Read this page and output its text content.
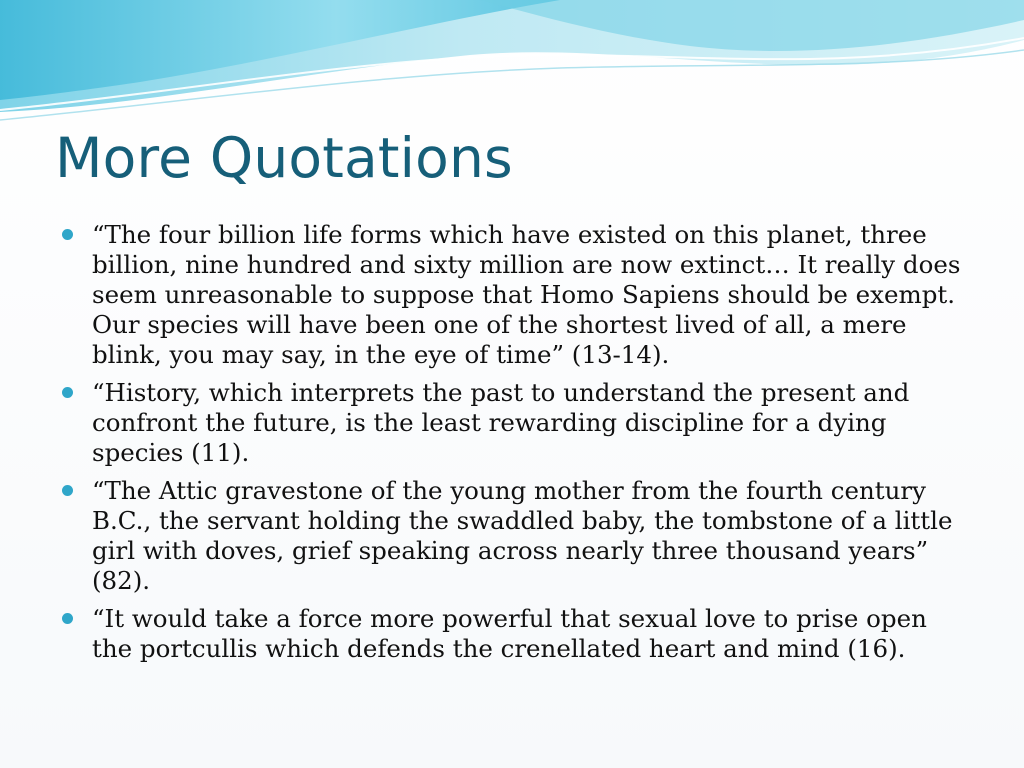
More Quotations
“The four billion life forms which have existed on this planet, three billion, nine hundred and sixty million are now extinct… It really does seem unreasonable to suppose that Homo Sapiens should be exempt. Our species will have been one of the shortest lived of all, a mere blink, you may say, in the eye of time” (13-14).
“History, which interprets the past to understand the present and confront the future, is the least rewarding discipline for a dying species (11).
“The Attic gravestone of the young mother from the fourth century B.C., the servant holding the swaddled baby, the tombstone of a little girl with doves, grief speaking across nearly three thousand years” (82).
“It would take a force more powerful that sexual love to prise open the portcullis which defends the crenellated heart and mind (16).
